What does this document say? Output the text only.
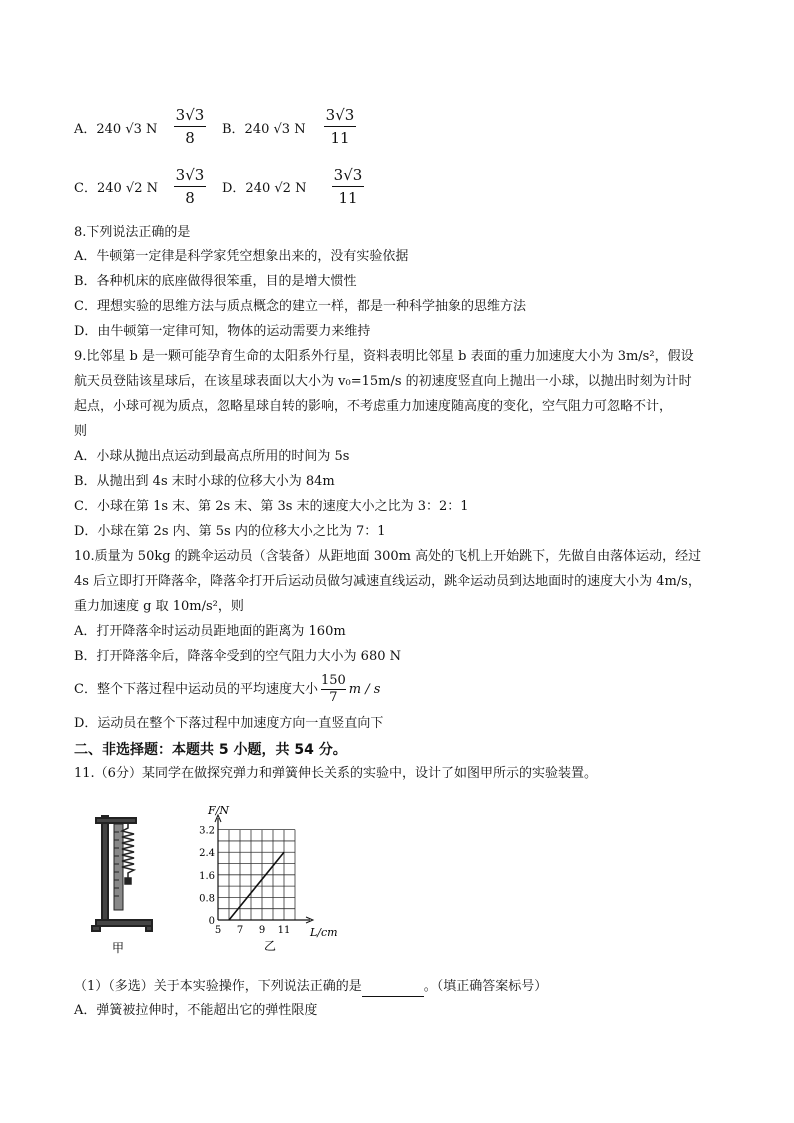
A．240 √3 N
3√3
8	B．240 √3 N
3√3
11
C．240 √2 N
3√3
8
D．240 √2 N
3√3
11
8.下列说法正确的是
A．牛顿第一定律是科学家凭空想象出来的，没有实验依据
B．各种机床的底座做得很笨重，目的是增大惯性
C．理想实验的思维方法与质点概念的建立一样，都是一种科学抽象的思维方法
D．由牛顿第一定律可知，物体的运动需要力来维持
9.比邻星 b 是一颗可能孕育生命的太阳系外行星，资料表明比邻星 b 表面的重力加速度大小为 3m/s²，假设
航天员登陆该星球后，在该星球表面以大小为 v₀=15m/s 的初速度竖直向上抛出一小球，以抛出时刻为计时
起点，小球可视为质点，忽略星球自转的影响，不考虑重力加速度随高度的变化，空气阻力可忽略不计，
则
A．小球从抛出点运动到最高点所用的时间为 5s
B．从抛出到 4s 末时小球的位移大小为 84m
C．小球在第 1s 末、第 2s 末、第 3s 末的速度大小之比为 3：2：1
D．小球在第 2s 内、第 5s 内的位移大小之比为 7：1
10.质量为 50kg 的跳伞运动员（含装备）从距地面 300m 高处的飞机上开始跳下，先做自由落体运动，经过
4s 后立即打开降落伞，降落伞打开后运动员做匀减速直线运动，跳伞运动员到达地面时的速度大小为 4m/s，
重力加速度 g 取 10m/s²，则
A．打开降落伞时运动员距地面的距离为 160m
B．打开降落伞后，降落伞受到的空气阻力大小为 680 N
C．整个下落过程中运动员的平均速度大小 $\frac{150}{7}$ m / s
D．运动员在整个下落过程中加速度方向一直竖直向下
二、非选择题：本题共 5 小题，共 54 分。
11.（6分）某同学在做探究弹力和弹簧伸长关系的实验中，设计了如图甲所示的实验装置。
甲
0
0.8
1.6
2.4
3.2
5 7 9 11
F/N
L/cm
乙
（1）（多选）关于本实验操作，下列说法正确的是	。（填正确答案标号）
A．弹簧被拉伸时，不能超出它的弹性限度
